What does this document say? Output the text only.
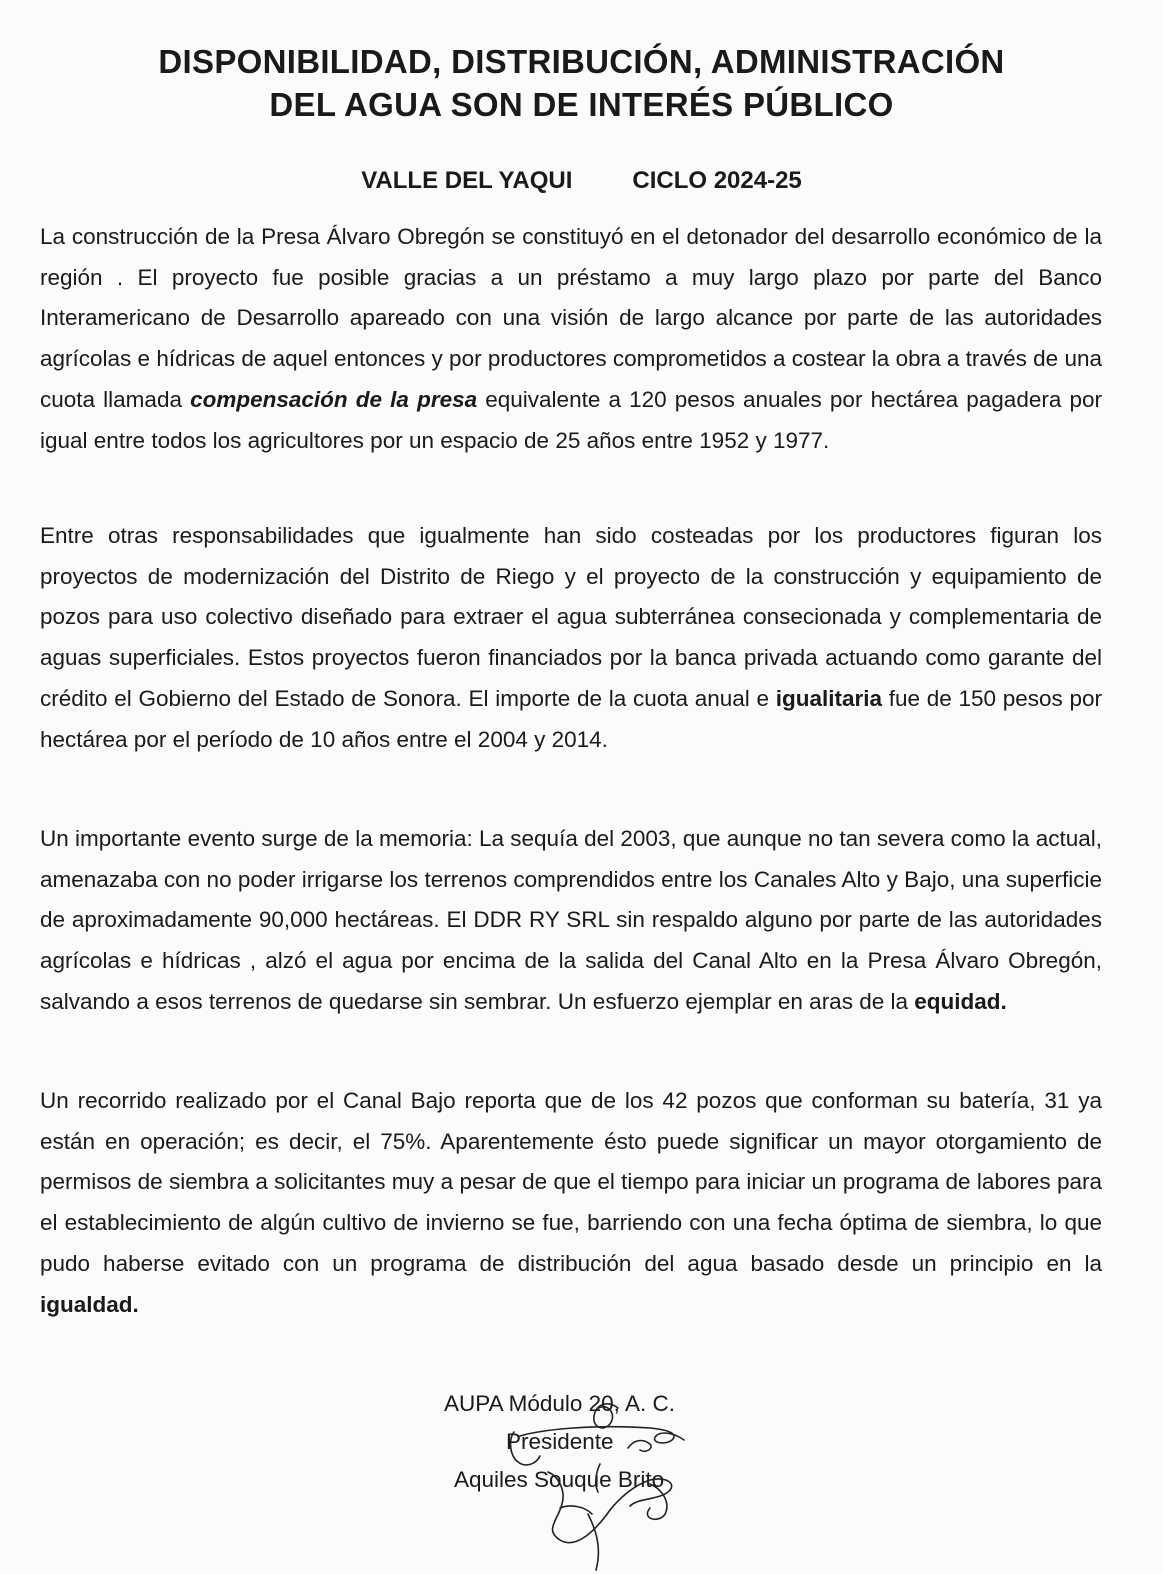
DISPONIBILIDAD, DISTRIBUCIÓN, ADMINISTRACIÓN
DEL AGUA SON DE INTERÉS PÚBLICO
VALLE DEL YAQUI	CICLO 2024-25

La construcción de la Presa Álvaro Obregón se constituyó en el detonador del desarrollo económico de la región . El proyecto fue posible gracias a un préstamo a muy largo plazo por parte del Banco Interamericano de Desarrollo apareado con una visión de largo alcance por parte de las autoridades agrícolas e hídricas de aquel entonces y por productores comprometidos a costear la obra a través de una cuota llamada compensación de la presa equivalente a 120 pesos anuales por hectárea pagadera por igual entre todos los agricultores por un espacio de 25 años entre 1952 y 1977.

Entre otras responsabilidades que igualmente han sido costeadas por los productores figuran los proyectos de modernización del Distrito de Riego y el proyecto de la construcción y equipamiento de pozos para uso colectivo diseñado para extraer el agua subterránea consecionada y complementaria de aguas superficiales. Estos proyectos fueron financiados por la banca privada actuando como garante del crédito el Gobierno del Estado de Sonora. El importe de la cuota anual e igualitaria fue de 150 pesos por hectárea por el período de 10 años entre el 2004 y 2014.

Un importante evento surge de la memoria: La sequía del 2003, que aunque no tan severa como la actual, amenazaba con no poder irrigarse los terrenos comprendidos entre los Canales Alto y Bajo, una superficie de aproximadamente 90,000 hectáreas. El DDR RY SRL sin respaldo alguno por parte de las autoridades agrícolas e hídricas , alzó el agua por encima de la salida del Canal Alto en la Presa Álvaro Obregón, salvando a esos terrenos de quedarse sin sembrar. Un esfuerzo ejemplar en aras de la equidad.

Un recorrido realizado por el Canal Bajo reporta que de los 42 pozos que conforman su batería, 31 ya están en operación; es decir, el 75%. Aparentemente ésto puede significar un mayor otorgamiento de permisos de siembra a solicitantes muy a pesar de que el tiempo para iniciar un programa de labores para el establecimiento de algún cultivo de invierno se fue, barriendo con una fecha óptima de siembra, lo que pudo haberse evitado con un programa de distribución del agua basado desde un principio en la igualdad.

AUPA Módulo 20, A. C.
Presidente
Aquiles Souque Brito
